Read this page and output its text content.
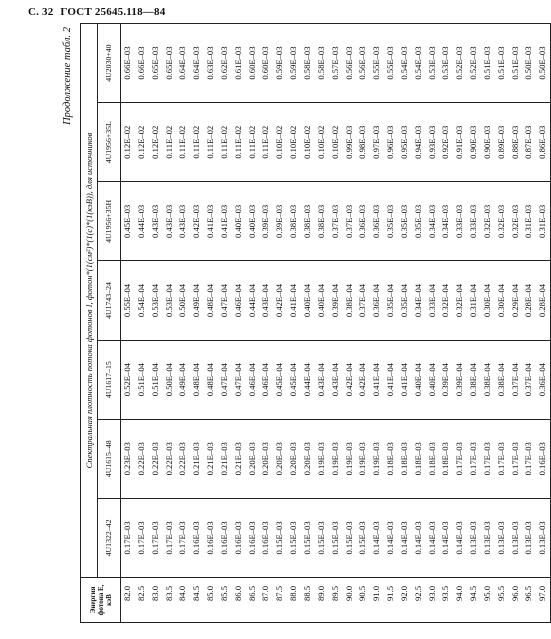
С. 32 ГОСТ 25645.118—84
Продолжение табл. 2
Энергия фотона E, кэВ	Спектральная плотность потока фотонов I, фотон*(1(см²)*(1(с)*(1(кэВ)), для источников						
	4U1322–42	4U1615–48	4U1617–15	4U1743–24	4U1956+35H	4U1956+35L	4U2030+40
82.0	0.17E–03	0.23E–03	0.52E–04	0.55E–04	0.45E–03	0.12E–02	0.66E–03
82.5	0.17E–03	0.22E–03	0.51E–04	0.54E–04	0.44E–03	0.12E–02	0.66E–03
83.0	0.17E–03	0.22E–03	0.51E–04	0.53E–04	0.43E–03	0.12E–02	0.65E–03
83.5	0.17E–03	0.22E–03	0.50E–04	0.53E–04	0.43E–03	0.11E–02	0.65E–03
84.0	0.17E–03	0.22E–03	0.49E–04	0.50E–04	0.43E–03	0.11E–02	0.64E–03
84.5	0.16E–03	0.21E–03	0.48E–04	0.49E–04	0.42E–03	0.11E–02	0.64E–03
85.0	0.16E–03	0.21E–03	0.48E–04	0.48E–04	0.41E–03	0.11E–02	0.63E–03
85.5	0.16E–03	0.21E–03	0.47E–04	0.47E–04	0.41E–03	0.11E–02	0.62E–03
86.0	0.16E–03	0.21E–03	0.47E–04	0.46E–04	0.40E–03	0.11E–02	0.61E–03
86.5	0.16E–03	0.20E–03	0.46E–04	0.44E–04	0.40E–03	0.11E–02	0.60E–03
87.0	0.16E–03	0.20E–03	0.46E–04	0.43E–04	0.39E–03	0.11E–02	0.60E–03
87.5	0.15E–03	0.20E–03	0.45E–04	0.42E–04	0.39E–03	0.10E–02	0.59E–03
88.0	0.15E–03	0.20E–03	0.45E–04	0.41E–04	0.38E–03	0.10E–02	0.59E–03
88.5	0.15E–03	0.20E–03	0.44E–04	0.40E–04	0.38E–03	0.10E–02	0.58E–03
89.0	0.15E–03	0.19E–03	0.43E–04	0.40E–04	0.38E–03	0.10E–02	0.58E–03
89.5	0.15E–03	0.19E–03	0.43E–04	0.39E–04	0.37E–03	0.10E–02	0.57E–03
90.0	0.15E–03	0.19E–03	0.42E–04	0.38E–04	0.37E–03	0.99E–03	0.56E–03
90.5	0.15E–03	0.19E–03	0.42E–04	0.37E–04	0.36E–03	0.98E–03	0.56E–03
91.0	0.14E–03	0.19E–03	0.41E–04	0.36E–04	0.36E–03	0.97E–03	0.55E–03
91.5	0.14E–03	0.18E–03	0.41E–04	0.35E–04	0.35E–03	0.96E–03	0.55E–03
92.0	0.14E–03	0.18E–03	0.41E–04	0.35E–04	0.35E–03	0.95E–03	0.54E–03
92.5	0.14E–03	0.18E–03	0.40E–04	0.34E–04	0.35E–03	0.94E–03	0.54E–03
93.0	0.14E–03	0.18E–03	0.40E–04	0.33E–04	0.34E–03	0.93E–03	0.53E–03
93.5	0.14E–03	0.18E–03	0.39E–04	0.32E–04	0.34E–03	0.92E–03	0.53E–03
94.0	0.14E–03	0.17E–03	0.39E–04	0.32E–04	0.33E–03	0.91E–03	0.52E–03
94.5	0.13E–03	0.17E–03	0.38E–04	0.31E–04	0.33E–03	0.90E–03	0.52E–03
95.0	0.13E–03	0.17E–03	0.38E–04	0.30E–04	0.32E–03	0.90E–03	0.51E–03
95.5	0.13E–03	0.17E–03	0.38E–04	0.30E–04	0.32E–03	0.89E–03	0.51E–03
96.0	0.13E–03	0.17E–03	0.37E–04	0.29E–04	0.32E–03	0.88E–03	0.51E–03
96.5	0.13E–03	0.17E–03	0.37E–04	0.28E–04	0.31E–03	0.87E–03	0.50E–03
97.0	0.13E–03	0.16E–03	0.36E–04	0.28E–04	0.31E–03	0.86E–03	0.50E–03
